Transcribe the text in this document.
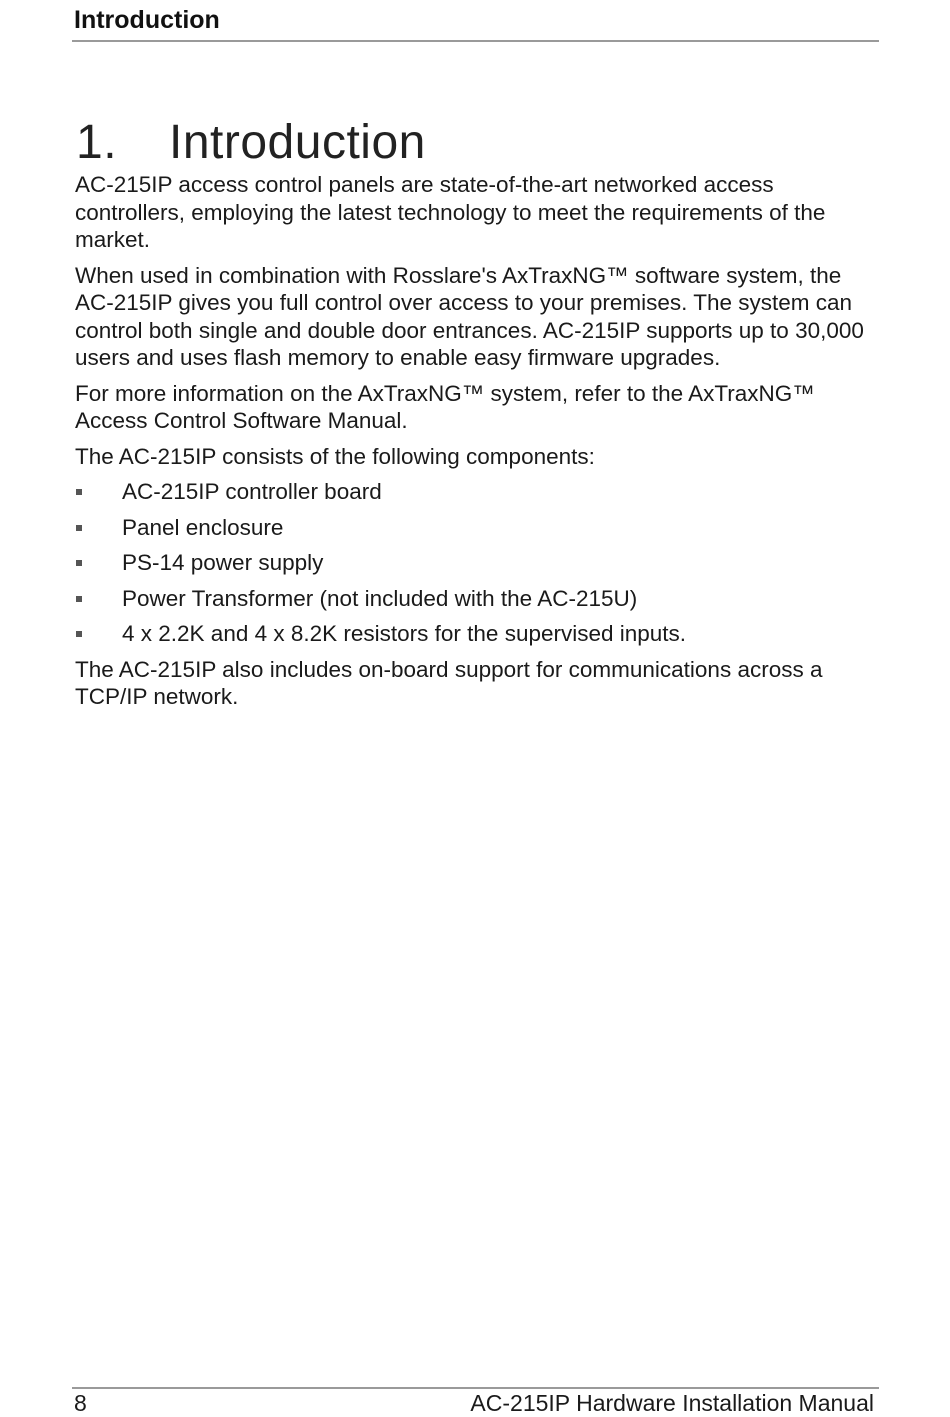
Introduction
1. Introduction

AC-215IP access control panels are state-of-the-art networked access controllers, employing the latest technology to meet the requirements of the market.

When used in combination with Rosslare's AxTraxNG™ software system, the AC-215IP gives you full control over access to your premises. The system can control both single and double door entrances. AC-215IP supports up to 30,000 users and uses flash memory to enable easy firmware upgrades.

For more information on the AxTraxNG™ system, refer to the AxTraxNG™ Access Control Software Manual.

The AC-215IP consists of the following components:

AC-215IP controller board
Panel enclosure
PS-14 power supply
Power Transformer (not included with the AC-215U)
4 x 2.2K and 4 x 8.2K resistors for the supervised inputs.

The AC-215IP also includes on-board support for communications across a TCP/IP network.

8	AC-215IP Hardware Installation Manual
